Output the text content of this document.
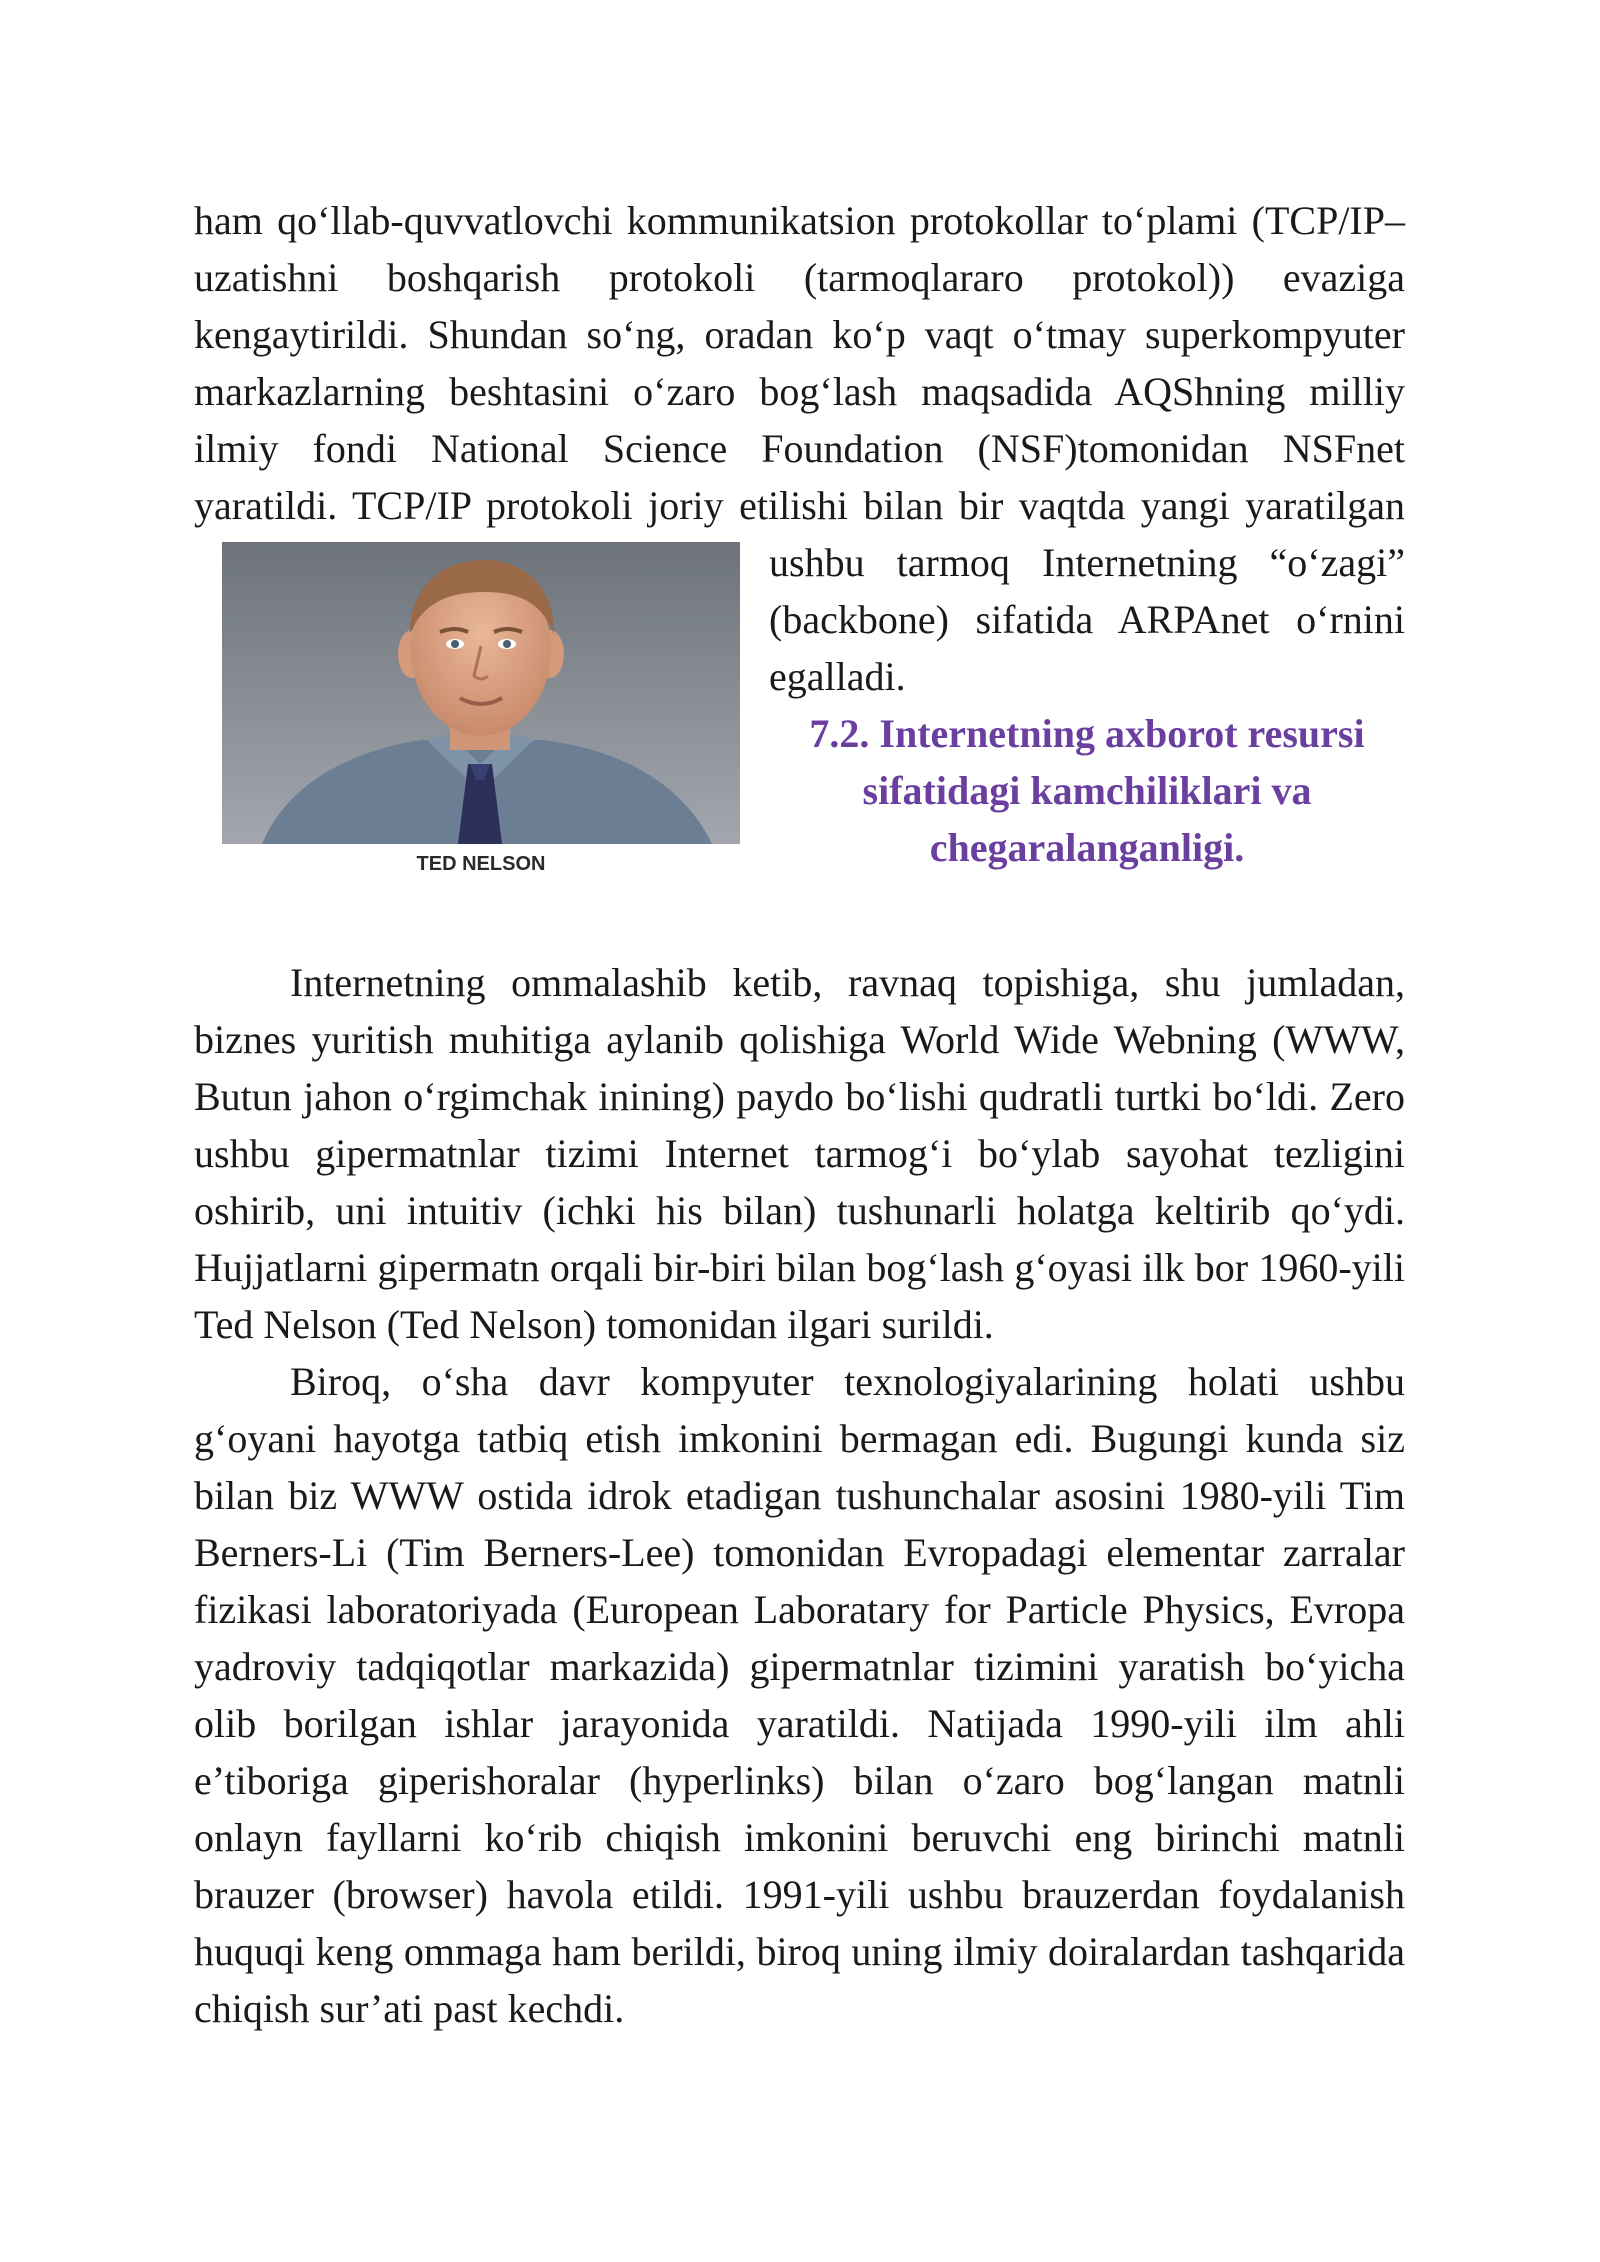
TED NELSON

ham qo‘llab-quvvatlovchi kommunikatsion protokollar to‘plami (TCP/IP– uzatishni boshqarish protokoli (tarmoqlararo protokol)) evaziga kengaytirildi. Shundan so‘ng, oradan ko‘p vaqt o‘tmay superkompyuter markazlarning beshtasini o‘zaro bog‘lash maqsadida AQShning milliy ilmiy fondi National Science Foundation (NSF)tomonidan NSFnet yaratildi. TCP/IP protokoli joriy etilishi bilan bir vaqtda yangi yaratilgan ushbu tarmoq Internetning “o‘zagi” (backbone) sifatida ARPAnet o‘rnini egalladi.

7.2. Internetning axborot resursi sifatidagi kamchiliklari va chegaralanganligi.

Internetning ommalashib ketib, ravnaq topishiga, shu jumladan, biznes yuritish muhitiga aylanib qolishiga World Wide Webning (WWW, Butun jahon o‘rgimchak inining) paydo bo‘lishi qudratli turtki bo‘ldi. Zero ushbu gipermatnlar tizimi Internet tarmog‘i bo‘ylab sayohat tezligini oshirib, uni intuitiv (ichki his bilan) tushunarli holatga keltirib qo‘ydi. Hujjatlarni gipermatn orqali bir-biri bilan bog‘lash g‘oyasi ilk bor 1960-yili Ted Nelson (Ted Nelson) tomonidan ilgari surildi.

Biroq, o‘sha davr kompyuter texnologiyalarining holati ushbu g‘oyani hayotga tatbiq etish imkonini bermagan edi. Bugungi kunda siz bilan biz WWW ostida idrok etadigan tushunchalar asosini 1980-yili Tim Berners-Li (Tim Berners-Lee) tomonidan Evropadagi elementar zarralar fizikasi laboratoriyada (European Laboratary for Particle Physics, Evropa yadroviy tadqiqotlar markazida) gipermatnlar tizimini yaratish bo‘yicha olib borilgan ishlar jarayonida yaratildi. Natijada 1990-yili ilm ahli e’tiboriga giperishoralar (hyperlinks) bilan o‘zaro bog‘langan matnli onlayn fayllarni ko‘rib chiqish imkonini beruvchi eng birinchi matnli brauzer (browser) havola etildi. 1991-yili ushbu brauzerdan foydalanish huquqi keng ommaga ham berildi, biroq uning ilmiy doiralardan tashqarida chiqish sur’ati past kechdi.
